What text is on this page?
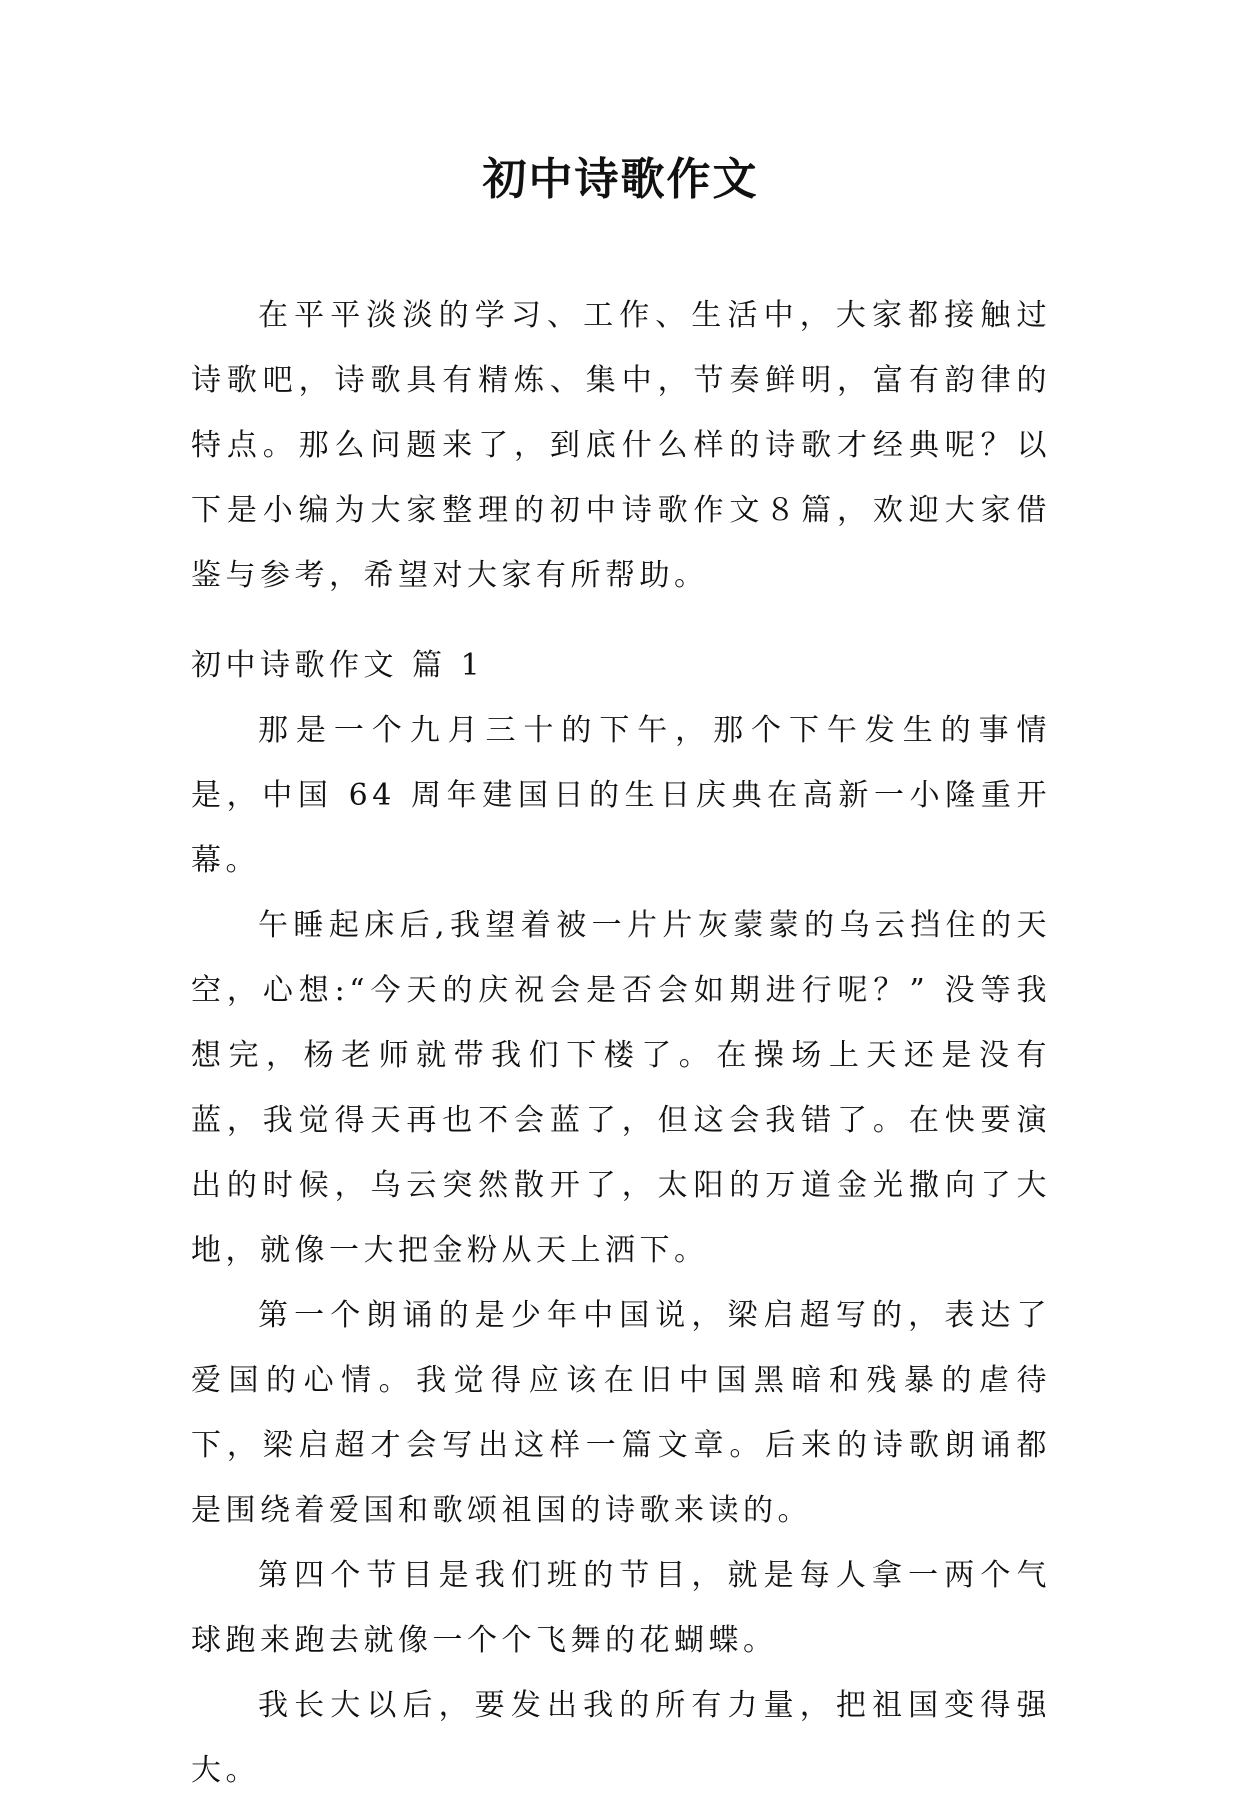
初中诗歌作文

在平平淡淡的学习、工作、生活中，大家都接触过诗歌吧，诗歌具有精炼、集中，节奏鲜明，富有韵律的特点。那么问题来了，到底什么样的诗歌才经典呢？以下是小编为大家整理的初中诗歌作文８篇，欢迎大家借鉴与参考，希望对大家有所帮助。

初中诗歌作文 篇 1

那是一个九月三十的下午，那个下午发生的事情是，中国 64 周年建国日的生日庆典在高新一小隆重开幕。

午睡起床后,我望着被一片片灰蒙蒙的乌云挡住的天空，心想:“今天的庆祝会是否会如期进行呢？” 没等我想完，杨老师就带我们下楼了。在操场上天还是没有蓝，我觉得天再也不会蓝了，但这会我错了。在快要演出的时候，乌云突然散开了，太阳的万道金光撒向了大地，就像一大把金粉从天上洒下。

第一个朗诵的是少年中国说，梁启超写的，表达了爱国的心情。我觉得应该在旧中国黑暗和残暴的虐待下，梁启超才会写出这样一篇文章。后来的诗歌朗诵都是围绕着爱国和歌颂祖国的诗歌来读的。

第四个节目是我们班的节目，就是每人拿一两个气球跑来跑去就像一个个飞舞的花蝴蝶。

我长大以后，要发出我的所有力量，把祖国变得强大。
